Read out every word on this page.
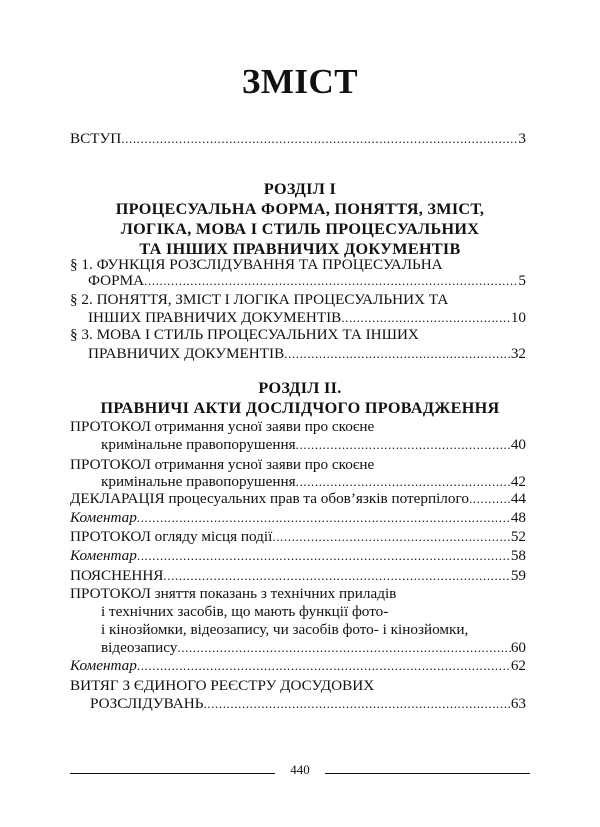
ЗМІСТ
ВСТУП .....	3
РОЗДІЛ І
ПРОЦЕСУАЛЬНА ФОРМА, ПОНЯТТЯ, ЗМІСТ,
ЛОГІКА, МОВА І СТИЛЬ ПРОЦЕСУАЛЬНИХ
ТА ІНШИХ ПРАВНИЧИХ ДОКУМЕНТІВ
§ 1. ФУНКЦІЯ РОЗСЛІДУВАННЯ ТА ПРОЦЕСУАЛЬНА
ФОРМА .....	5
§ 2. ПОНЯТТЯ, ЗМІСТ І ЛОГІКА ПРОЦЕСУАЛЬНИХ ТА
ІНШИХ ПРАВНИЧИХ ДОКУМЕНТІВ .....	10
§ 3. МОВА І СТИЛЬ ПРОЦЕСУАЛЬНИХ ТА ІНШИХ
ПРАВНИЧИХ ДОКУМЕНТІВ .....	32
РОЗДІЛ ІІ.
ПРАВНИЧІ АКТИ ДОСЛІДЧОГО ПРОВАДЖЕННЯ
ПРОТОКОЛ отримання усної заяви про скоєне
кримінальне правопорушення .....	40
ПРОТОКОЛ отримання усної заяви про скоєне
кримінальне правопорушення .....	42
ДЕКЛАРАЦІЯ процесуальних прав та обов’язків потерпілого .....	44
Коментар .....	48
ПРОТОКОЛ огляду місця події .....	52
Коментар .....	58
ПОЯСНЕННЯ .....	59
ПРОТОКОЛ зняття показань з технічних приладів
і технічних засобів, що мають функції фото-
і кінозйомки, відеозапису, чи засобів фото- і кінозйомки,
відеозапису .....	60
Коментар .....	62
ВИТЯГ З ЄДИНОГО РЕЄСТРУ ДОСУДОВИХ
РОЗСЛІДУВАНЬ .....	63
440
